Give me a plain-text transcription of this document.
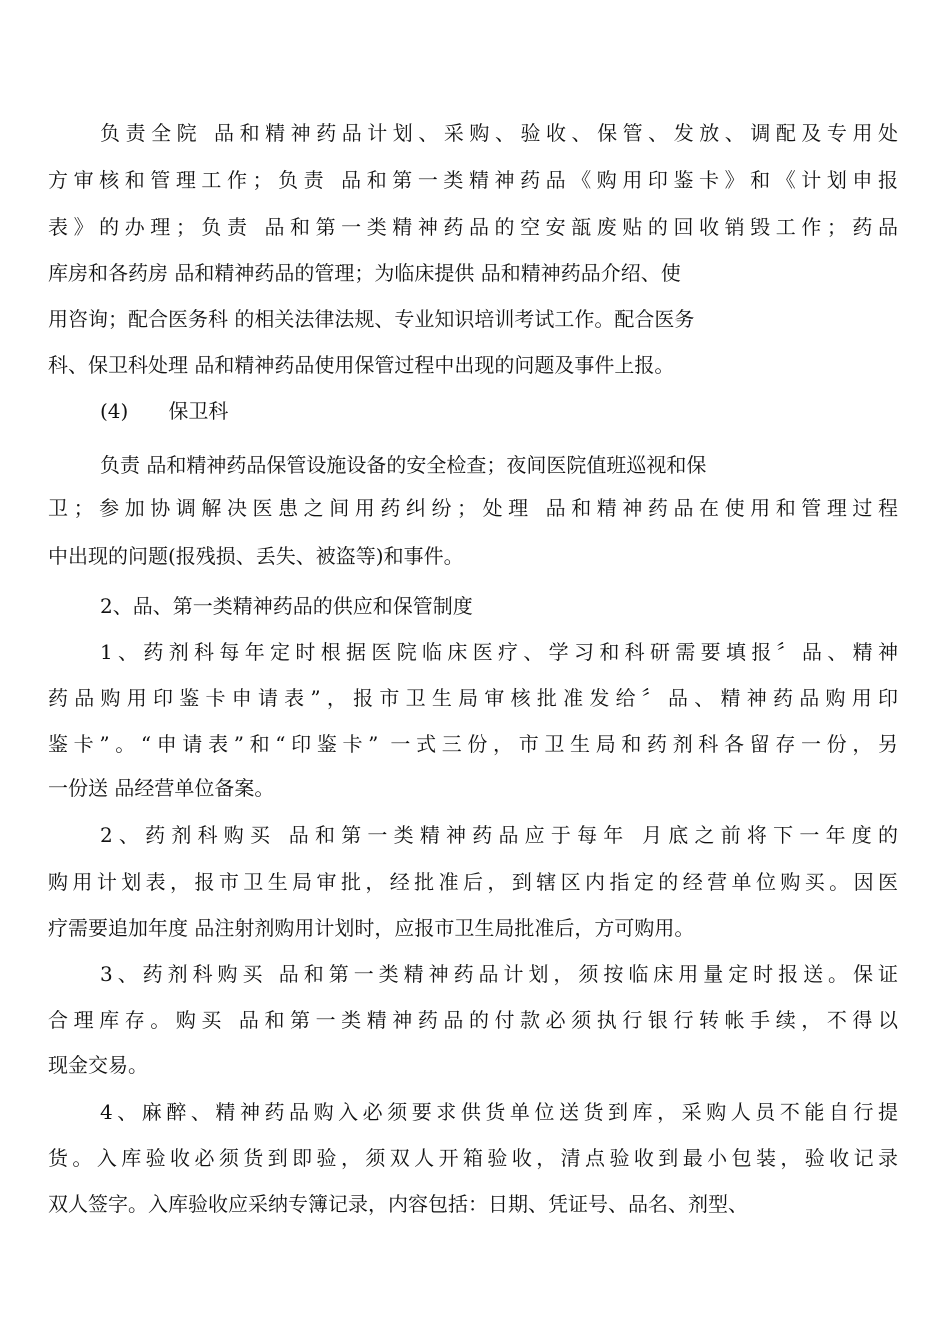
负责全院 品和精神药品计划、采购、验收、保管、发放、调配及专用处
方审核和管理工作；负责 品和第一类精神药品《购用印鉴卡》和《计划申报
表》的办理；负责 品和第一类精神药品的空安瓿废贴的回收销毁工作；药品
库房和各药房 品和精神药品的管理；为临床提供 品和精神药品介绍、使
用咨询；配合医务科 的相关法律法规、专业知识培训考试工作。配合医务
科、保卫科处理 品和精神药品使用保管过程中出现的问题及事件上报。
(4)　　保卫科
负责 品和精神药品保管设施设备的安全检查；夜间医院值班巡视和保
卫；参加协调解决医患之间用药纠纷；处理 品和精神药品在使用和管理过程
中出现的问题(报残损、丢失、被盗等)和事件。
2、品、第一类精神药品的供应和保管制度
1、药剂科每年定时根据医院临床医疗、学习和科研需要填报〞品、精神
药品购用印鉴卡申请表”，报市卫生局审核批准发给〞品、精神药品购用印
鉴卡”。“申请表”和“印鉴卡” 一式三份，市卫生局和药剂科各留存一份，另
一份送 品经营单位备案。
2、药剂科购买 品和第一类精神药品应于每年 月底之前将下一年度的
购用计划表，报市卫生局审批，经批准后，到辖区内指定的经营单位购买。因医
疗需要追加年度 品注射剂购用计划时，应报市卫生局批准后，方可购用。
3、药剂科购买 品和第一类精神药品计划，须按临床用量定时报送。保证
合理库存。购买 品和第一类精神药品的付款必须执行银行转帐手续，不得以
现金交易。
4、麻醉、精神药品购入必须要求供货单位送货到库，采购人员不能自行提
货。入库验收必须货到即验，须双人开箱验收，清点验收到最小包装，验收记录
双人签字。入库验收应采纳专簿记录，内容包括：日期、凭证号、品名、剂型、
